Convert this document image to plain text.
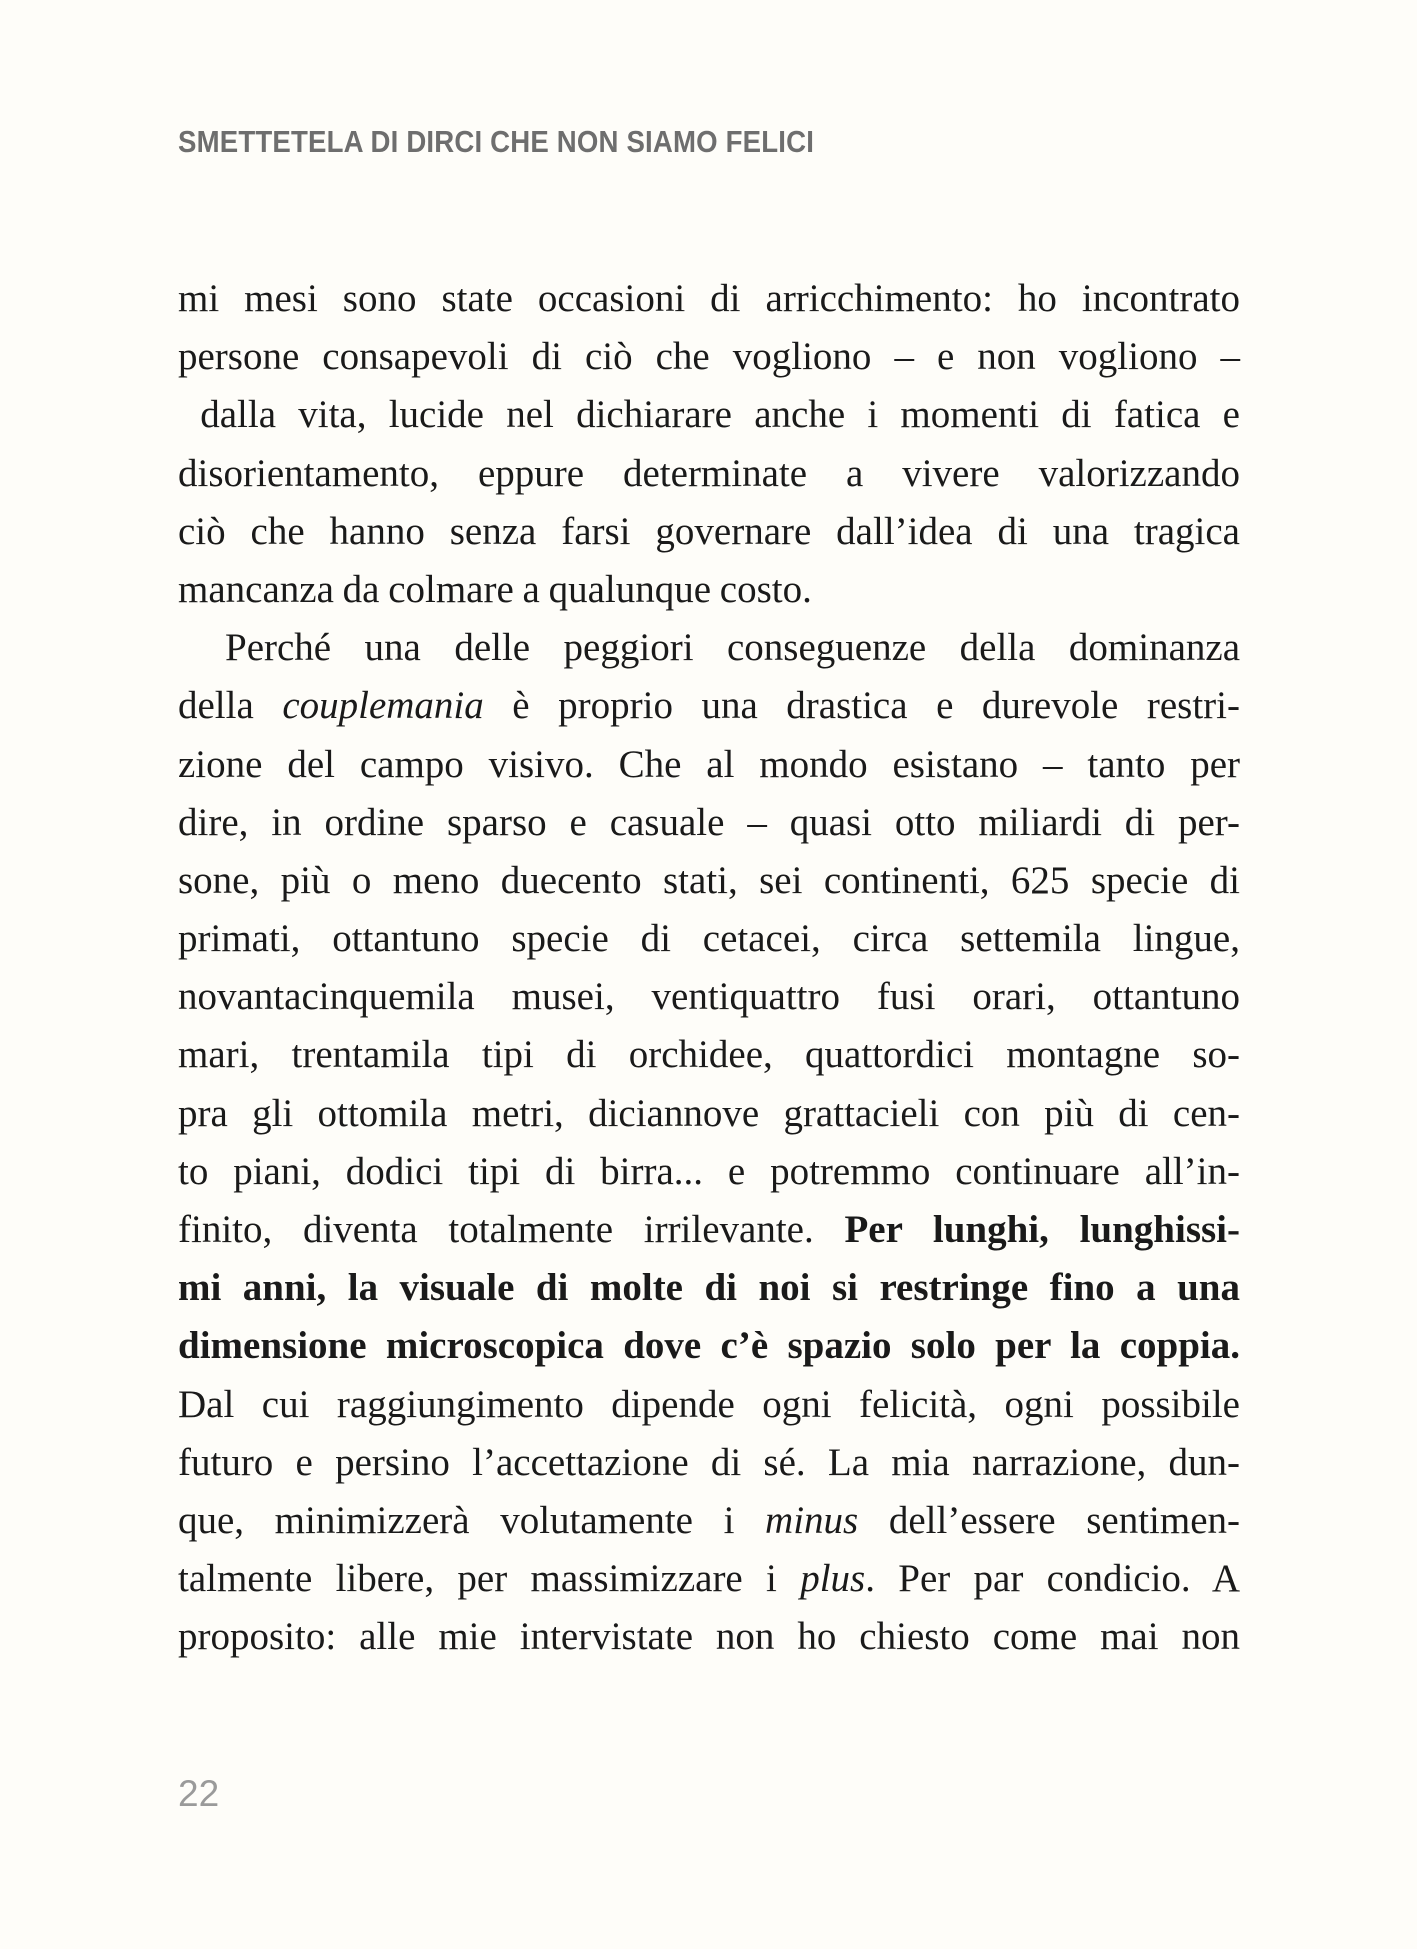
SMETTETELA DI DIRCI CHE NON SIAMO FELICI
mi mesi sono state occasioni di arricchimento: ho incontrato
persone consapevoli di ciò che vogliono – e non vogliono –
dalla vita, lucide nel dichiarare anche i momenti di fatica e
disorientamento, eppure determinate a vivere valorizzando
ciò che hanno senza farsi governare dall’idea di una tragica
mancanza da colmare a qualunque costo.
Perché una delle peggiori conseguenze della dominanza
della couplemania è proprio una drastica e durevole restri-
zione del campo visivo. Che al mondo esistano – tanto per
dire, in ordine sparso e casuale – quasi otto miliardi di per-
sone, più o meno duecento stati, sei continenti, 625 specie di
primati, ottantuno specie di cetacei, circa settemila lingue,
novantacinquemila musei, ventiquattro fusi orari, ottantuno
mari, trentamila tipi di orchidee, quattordici montagne so-
pra gli ottomila metri, diciannove grattacieli con più di cen-
to piani, dodici tipi di birra... e potremmo continuare all’in-
finito, diventa totalmente irrilevante. Per lunghi, lunghissi-
mi anni, la visuale di molte di noi si restringe fino a una
dimensione microscopica dove c’è spazio solo per la coppia.
Dal cui raggiungimento dipende ogni felicità, ogni possibile
futuro e persino l’accettazione di sé. La mia narrazione, dun-
que, minimizzerà volutamente i minus dell’essere sentimen-
talmente libere, per massimizzare i plus. Per par condicio. A
proposito: alle mie intervistate non ho chiesto come mai non
22
